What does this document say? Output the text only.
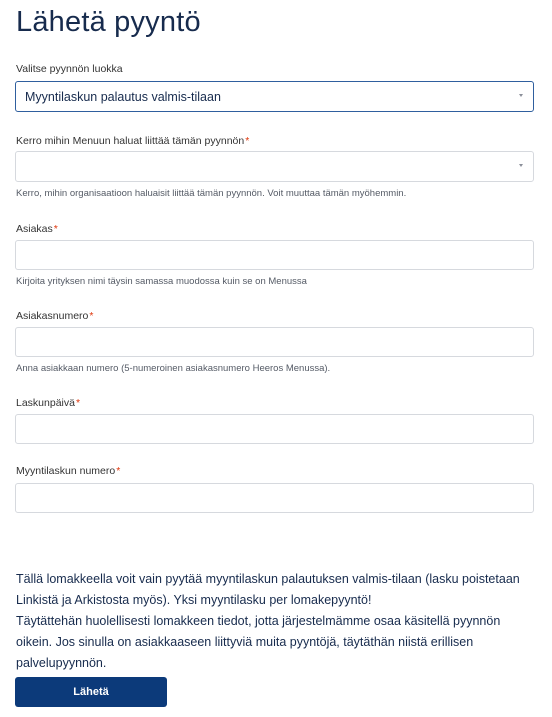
Lähetä pyyntö
Valitse pyynnön luokka
Myyntilaskun palautus valmis-tilaan
Kerro mihin Menuun haluat liittää tämän pyynnön*
Kerro, mihin organisaatioon haluaisit liittää tämän pyynnön. Voit muuttaa tämän myöhemmin.
Asiakas*
Kirjoita yrityksen nimi täysin samassa muodossa kuin se on Menussa
Asiakasnumero*
Anna asiakkaan numero (5-numeroinen asiakasnumero Heeros Menussa).
Laskunpäivä*
Myyntilaskun numero*
Tällä lomakkeella voit vain pyytää myyntilaskun palautuksen valmis-tilaan (lasku poistetaan
Linkistä ja Arkistosta myös). Yksi myyntilasku per lomakepyyntö!
Täytättehän huolellisesti lomakkeen tiedot, jotta järjestelmämme osaa käsitellä pyynnön
oikein. Jos sinulla on asiakkaaseen liittyviä muita pyyntöjä, täytäthän niistä erillisen
palvelupyynnön.
Lähetä
